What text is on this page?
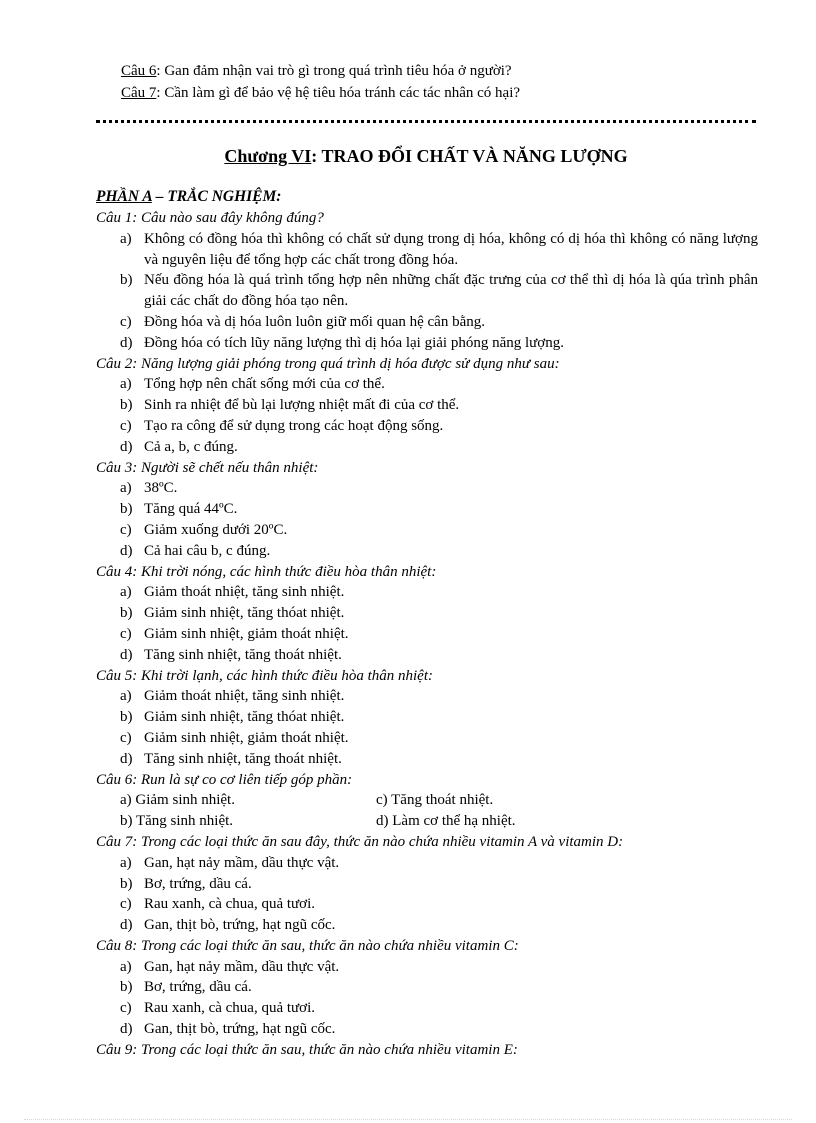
Câu 6: Gan đảm nhận vai trò gì trong quá trình tiêu hóa ở người?

Câu 7: Cần làm gì để bảo vệ hệ tiêu hóa tránh các tác nhân có hại?

Chương VI: TRAO ĐỔI CHẤT VÀ NĂNG LƯỢNG

PHẦN A – TRẮC NGHIỆM:

Câu 1: Câu nào sau đây không đúng?

a) Không có đồng hóa thì không có chất sử dụng trong dị hóa, không có dị hóa thì không có năng lượng và nguyên liệu để tổng hợp các chất trong đồng hóa.
b) Nếu đồng hóa là quá trình tổng hợp nên những chất đặc trưng của cơ thể thì dị hóa là qúa trình phân giải các chất do đồng hóa tạo nên.
c) Đồng hóa và dị hóa luôn luôn giữ mối quan hệ cân bằng.
d) Đồng hóa có tích lũy năng lượng thì dị hóa lại giải phóng năng lượng.

Câu 2: Năng lượng giải phóng trong quá trình dị hóa được sử dụng như sau:

a) Tổng hợp nên chất sống mới của cơ thể.
b) Sinh ra nhiệt để bù lại lượng nhiệt mất đi của cơ thể.
c) Tạo ra công để sử dụng trong các hoạt động sống.
d) Cả a, b, c đúng.

Câu 3: Người sẽ chết nếu thân nhiệt:

a) 38ºC.
b) Tăng quá 44ºC.
c) Giảm xuống dưới 20ºC.
d) Cả hai câu b, c đúng.

Câu 4: Khi trời nóng, các hình thức điều hòa thân nhiệt:

a) Giảm thoát nhiệt, tăng sinh nhiệt.
b) Giảm sinh nhiệt, tăng thóat nhiệt.
c) Giảm sinh nhiệt, giảm thoát nhiệt.
d) Tăng sinh nhiệt, tăng thoát nhiệt.

Câu 5: Khi trời lạnh, các hình thức điều hòa thân nhiệt:

a) Giảm thoát nhiệt, tăng sinh nhiệt.
b) Giảm sinh nhiệt, tăng thóat nhiệt.
c) Giảm sinh nhiệt, giảm thoát nhiệt.
d) Tăng sinh nhiệt, tăng thoát nhiệt.

Câu 6: Run là sự co cơ liên tiếp góp phần:

a) Giảm sinh nhiệt.	c) Tăng thoát nhiệt.
b) Tăng sinh nhiệt.	d) Làm cơ thể hạ nhiệt.

Câu 7: Trong các loại thức ăn sau đây, thức ăn nào chứa nhiều vitamin A và vitamin D:

a) Gan, hạt nảy mầm, dầu thực vật.
b) Bơ, trứng, dầu cá.
c) Rau xanh, cà chua, quả tươi.
d) Gan, thịt bò, trứng, hạt ngũ cốc.

Câu 8: Trong các loại thức ăn sau, thức ăn nào chứa nhiều vitamin C:

a) Gan, hạt nảy mầm, dầu thực vật.
b) Bơ, trứng, dầu cá.
c) Rau xanh, cà chua, quả tươi.
d) Gan, thịt bò, trứng, hạt ngũ cốc.

Câu 9: Trong các loại thức ăn sau, thức ăn nào chứa nhiều vitamin E:
